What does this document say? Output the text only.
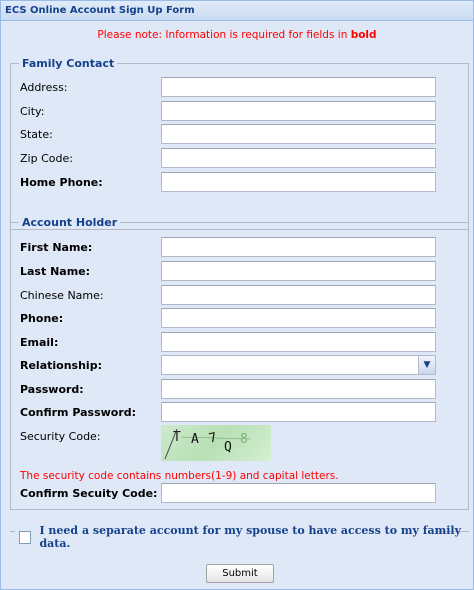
ECS Online Account Sign Up Form
Please note: Information is required for fields in bold
Family Contact
Address:
City:
State:
Zip Code:
Home Phone:
Account Holder
First Name:
Last Name:
Chinese Name:
Phone:
Email:
Relationship:	▼
Password:
Confirm Password:
Security Code:	T A 7
Q
8
The security code contains numbers(1-9) and capital letters.
Confirm Secuity Code:
I need a separate account for my spouse to have access to my family data.
Submit
